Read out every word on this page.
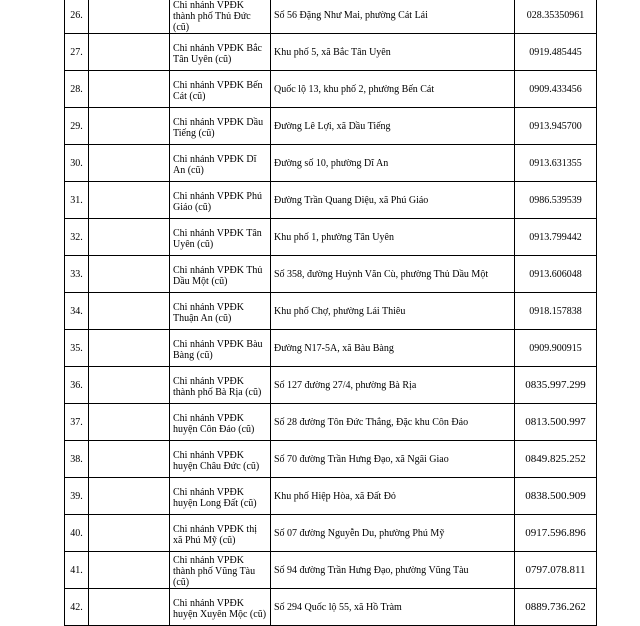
26.		Chi nhánh VPĐK thành phố Thủ Đức (cũ)	Số 56 Đặng Như Mai, phường Cát Lái	028.35350961
27.		Chi nhánh VPĐK Bắc Tân Uyên (cũ)	Khu phố 5, xã Bắc Tân Uyên	0919.485445
28.		Chi nhánh VPĐK Bến Cát (cũ)	Quốc lộ 13, khu phố 2, phường Bến Cát	0909.433456
29.		Chi nhánh VPĐK Dầu Tiếng (cũ)	Đường Lê Lợi, xã Dầu Tiếng	0913.945700
30.		Chi nhánh VPĐK Dĩ An (cũ)	Đường số 10, phường Dĩ An	0913.631355
31.		Chi nhánh VPĐK Phú Giáo (cũ)	Đường Trần Quang Diệu, xã Phú Giáo	0986.539539
32.		Chi nhánh VPĐK Tân Uyên (cũ)	Khu phố 1, phường Tân Uyên	0913.799442
33.		Chi nhánh VPĐK Thủ Dầu Một (cũ)	Số 358, đường Huỳnh Văn Cù, phường Thủ Dầu Một	0913.606048
34.		Chi nhánh VPĐK Thuận An (cũ)	Khu phố Chợ, phường Lái Thiêu	0918.157838
35.		Chi nhánh VPĐK Bàu Bàng (cũ)	Đường N17-5A, xã Bàu Bàng	0909.900915
36.		Chi nhánh VPĐK thành phố Bà Rịa (cũ)	Số 127 đường 27/4, phường Bà Rịa	0835.997.299
37.		Chi nhánh VPĐK huyện Côn Đảo (cũ)	Số 28 đường Tôn Đức Thắng, Đặc khu Côn Đảo	0813.500.997
38.		Chi nhánh VPĐK huyện Châu Đức (cũ)	Số 70 đường Trần Hưng Đạo, xã Ngãi Giao	0849.825.252
39.		Chi nhánh VPĐK huyện Long Đất (cũ)	Khu phố Hiệp Hòa, xã Đất Đỏ	0838.500.909
40.		Chi nhánh VPĐK thị xã Phú Mỹ (cũ)	Số 07 đường Nguyễn Du, phường Phú Mỹ	0917.596.896
41.		Chi nhánh VPĐK thành phố Vũng Tàu (cũ)	Số 94 đường Trần Hưng Đạo, phường Vũng Tàu	0797.078.811
42.		Chi nhánh VPĐK huyện Xuyên Mộc (cũ)	Số 294 Quốc lộ 55, xã Hồ Tràm	0889.736.262
